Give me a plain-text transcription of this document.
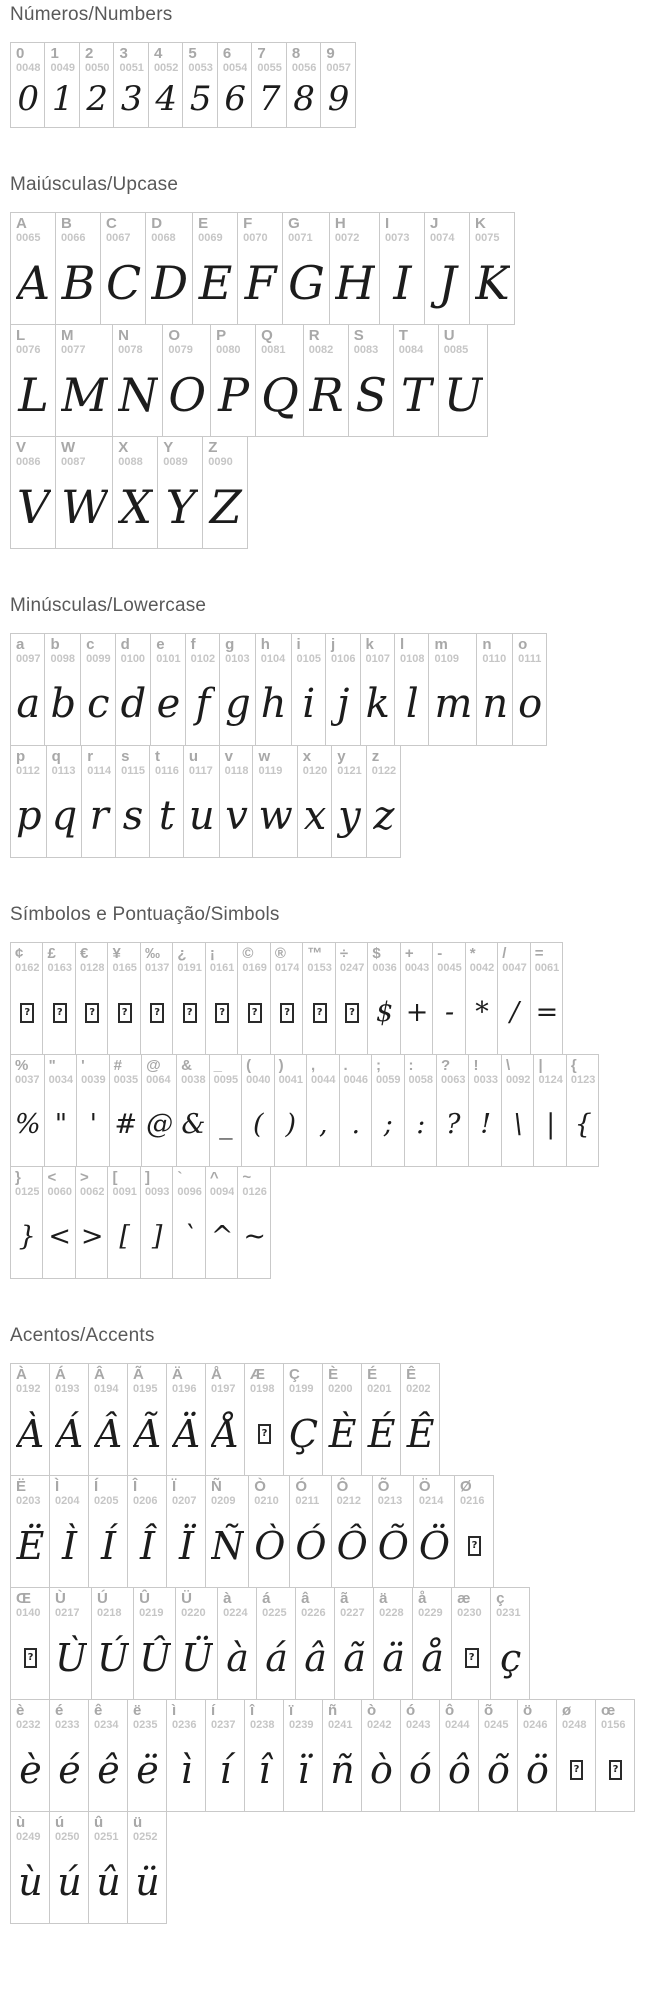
Números/Numbers
0
0048
0
1
0049
1
2
0050
2
3
0051
3
4
0052
4
5
0053
5
6
0054
6
7
0055
7
8
0056
8
9
0057
9
Maiúsculas/Upcase
A
0065
A
B
0066
B
C
0067
C
D
0068
D
E
0069
E
F
0070
F
G
0071
G
H
0072
H
I
0073
I
J
0074
J
K
0075
K
L
0076
L
M
0077
M
N
0078
N
O
0079
O
P
0080
P
Q
0081
Q
R
0082
R
S
0083
S
T
0084
T
U
0085
U
V
0086
V
W
0087
W
X
0088
X
Y
0089
Y
Z
0090
Z
Minúsculas/Lowercase
a
0097
a
b
0098
b
c
0099
c
d
0100
d
e
0101
e
f
0102
f
g
0103
g
h
0104
h
i
0105
i
j
0106
j
k
0107
k
l
0108
l
m
0109
m
n
0110
n
o
0111
o
p
0112
p
q
0113
q
r
0114
r
s
0115
s
t
0116
t
u
0117
u
v
0118
v
w
0119
w
x
0120
x
y
0121
y
z
0122
z
Símbolos e Pontuação/Simbols
¢
0162
?
£
0163
?
€
0128
?
¥
0165
?
‰
0137
?
¿
0191
?
¡
0161
?
©
0169
?
®
0174
?
™
0153
?
÷
0247
?
$
0036
$
+
0043
+
-
0045
-
*
0042
*
/
0047
/
=
0061
=
%
0037
%
"
0034
"
'
0039
'
#
0035
#
@
0064
@
&
0038
&
_
0095
_
(
0040
(
)
0041
)
,
0044
,
.
0046
.
;
0059
;
:
0058
:
?
0063
?
!
0033
!
\
0092
\
|
0124
|
{
0123
{
}
0125
}
<
0060
<
>
0062
>
[
0091
[
]
0093
]
`
0096
`
^
0094
^
~
0126
~
Acentos/Accents
À
0192
À
Á
0193
Á
Â
0194
Â
Ã
0195
Ã
Ä
0196
Ä
Å
0197
Å
Æ
0198
?
Ç
0199
Ç
È
0200
È
É
0201
É
Ê
0202
Ê
Ë
0203
Ë
Ì
0204
Ì
Í
0205
Í
Î
0206
Î
Ï
0207
Ï
Ñ
0209
Ñ
Ò
0210
Ò
Ó
0211
Ó
Ô
0212
Ô
Õ
0213
Õ
Ö
0214
Ö
Ø
0216
?
Œ
0140
?
Ù
0217
Ù
Ú
0218
Ú
Û
0219
Û
Ü
0220
Ü
à
0224
à
á
0225
á
â
0226
â
ã
0227
ã
ä
0228
ä
å
0229
å
æ
0230
?
ç
0231
ç
è
0232
è
é
0233
é
ê
0234
ê
ë
0235
ë
ì
0236
ì
í
0237
í
î
0238
î
ï
0239
ï
ñ
0241
ñ
ò
0242
ò
ó
0243
ó
ô
0244
ô
õ
0245
õ
ö
0246
ö
ø
0248
?
œ
0156
?
ù
0249
ù
ú
0250
ú
û
0251
û
ü
0252
ü
